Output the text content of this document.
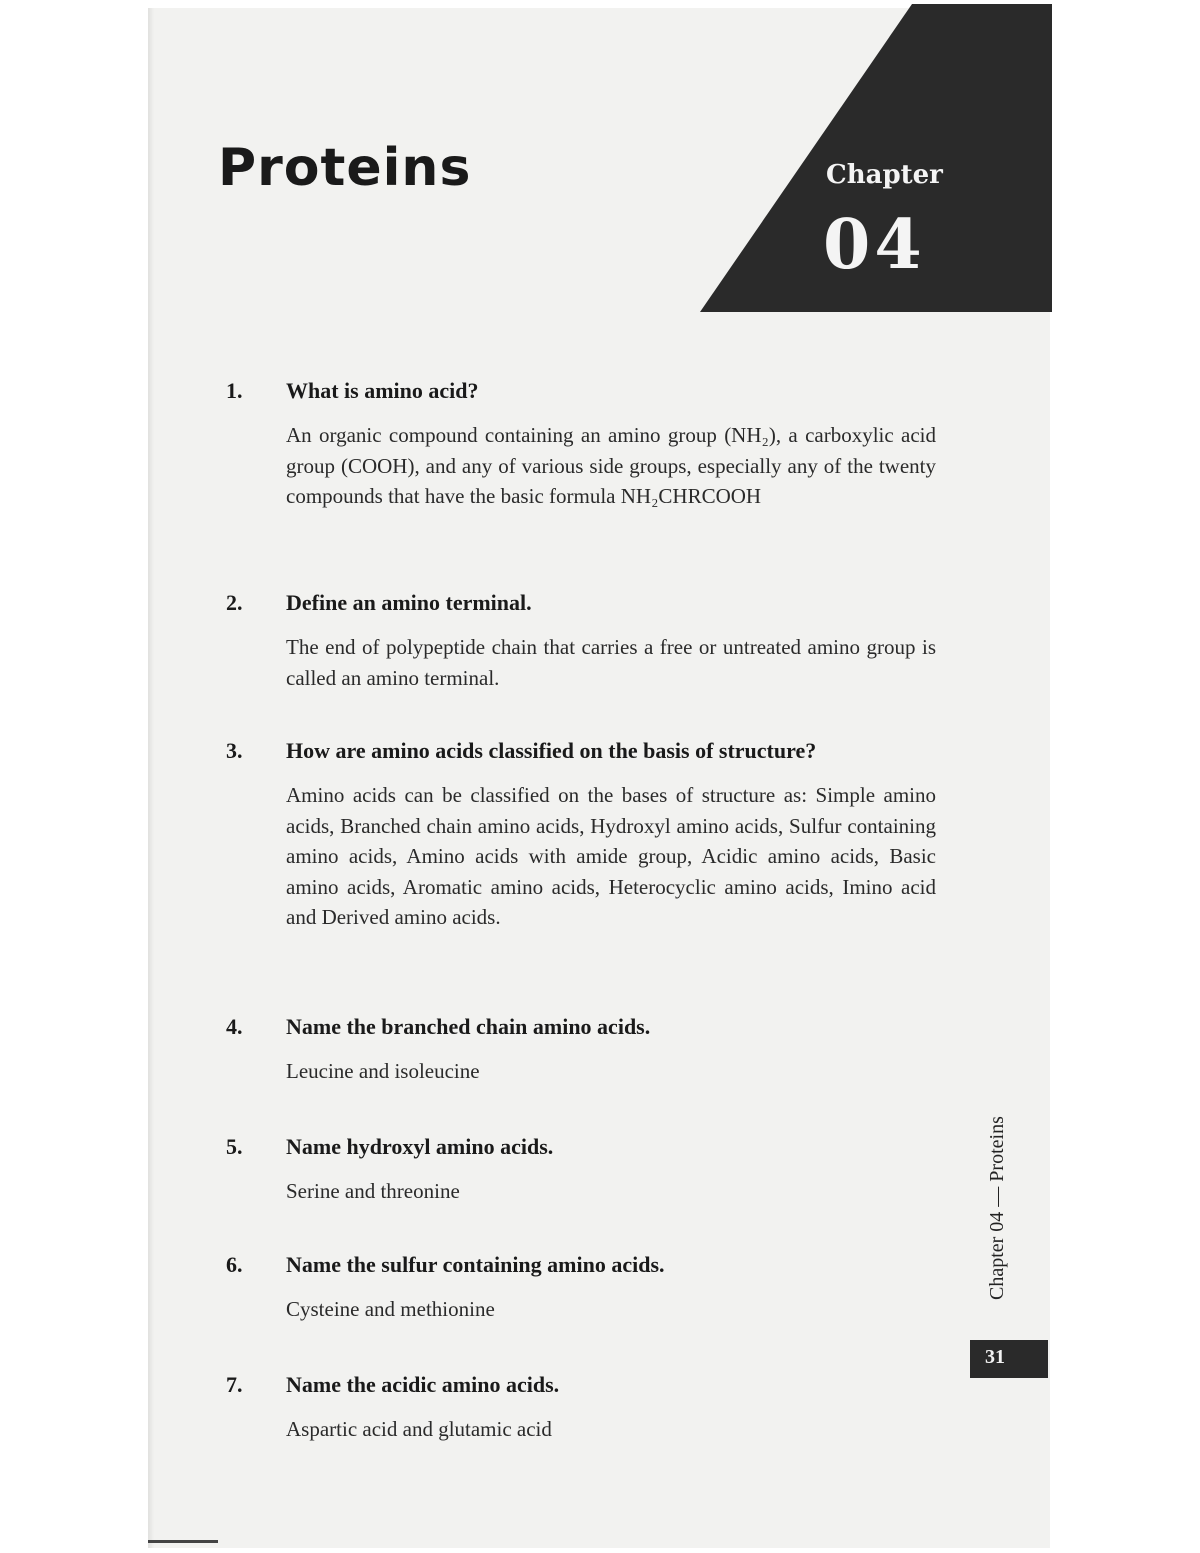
Chapter
04
Proteins
1. What is amino acid?
An organic compound containing an amino group (NH₂), a carboxylic acid group (COOH), and any of various side groups, especially any of the twenty compounds that have the basic formula NH₂CHRCOOH
2. Define an amino terminal.
The end of polypeptide chain that carries a free or untreated amino group is called an amino terminal.
3. How are amino acids classified on the basis of structure?
Amino acids can be classified on the bases of structure as: Simple amino acids, Branched chain amino acids, Hydroxyl amino acids, Sulfur containing amino acids, Amino acids with amide group, Acidic amino acids, Basic amino acids, Aromatic amino acids, Heterocyclic amino acids, Imino acid and Derived amino acids.
4. Name the branched chain amino acids.
Leucine and isoleucine
5. Name hydroxyl amino acids.
Serine and threonine
6. Name the sulfur containing amino acids.
Cysteine and methionine
7. Name the acidic amino acids.
Aspartic acid and glutamic acid
Chapter 04 — Proteins
31
